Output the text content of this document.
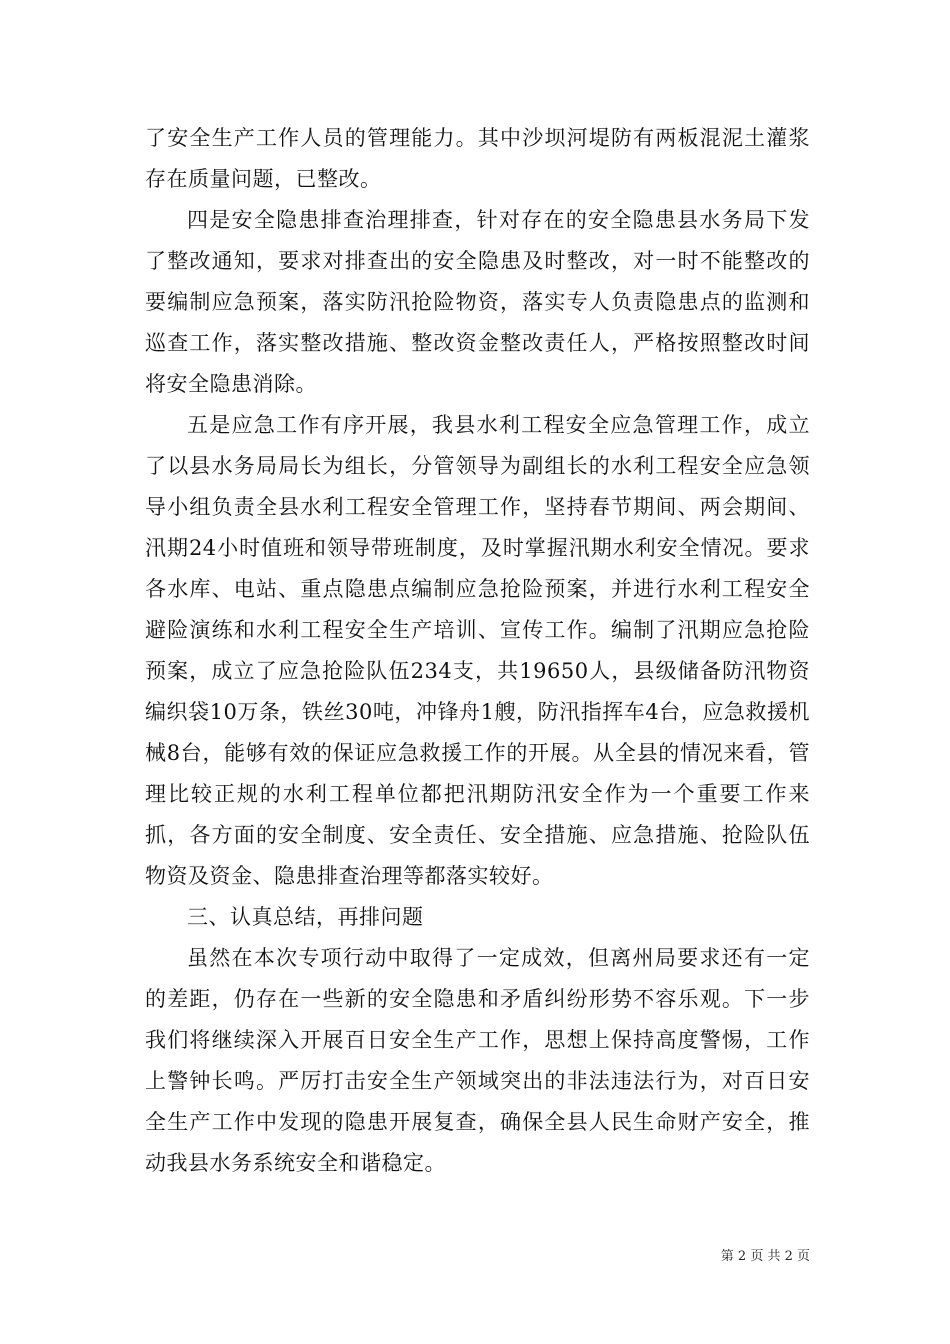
了安全生产工作人员的管理能力。其中沙坝河堤防有两板混泥土灌浆存在质量问题，已整改。

四是安全隐患排查治理排查，针对存在的安全隐患县水务局下发了整改通知，要求对排查出的安全隐患及时整改，对一时不能整改的要编制应急预案，落实防汛抢险物资，落实专人负责隐患点的监测和巡查工作，落实整改措施、整改资金整改责任人，严格按照整改时间将安全隐患消除。

五是应急工作有序开展，我县水利工程安全应急管理工作，成立了以县水务局局长为组长，分管领导为副组长的水利工程安全应急领导小组负责全县水利工程安全管理工作，坚持春节期间、两会期间、汛期24小时值班和领导带班制度，及时掌握汛期水利安全情况。要求各水库、电站、重点隐患点编制应急抢险预案，并进行水利工程安全避险演练和水利工程安全生产培训、宣传工作。编制了汛期应急抢险预案，成立了应急抢险队伍234支，共19650人，县级储备防汛物资编织袋10万条，铁丝30吨，冲锋舟1艘，防汛指挥车4台，应急救援机械8台，能够有效的保证应急救援工作的开展。从全县的情况来看，管理比较正规的水利工程单位都把汛期防汛安全作为一个重要工作来抓，各方面的安全制度、安全责任、安全措施、应急措施、抢险队伍物资及资金、隐患排查治理等都落实较好。

三、认真总结，再排问题

虽然在本次专项行动中取得了一定成效，但离州局要求还有一定的差距，仍存在一些新的安全隐患和矛盾纠纷形势不容乐观。下一步我们将继续深入开展百日安全生产工作，思想上保持高度警惕，工作上警钟长鸣。严厉打击安全生产领域突出的非法违法行为，对百日安全生产工作中发现的隐患开展复查，确保全县人民生命财产安全，推动我县水务系统安全和谐稳定。

第 2 页 共 2 页
